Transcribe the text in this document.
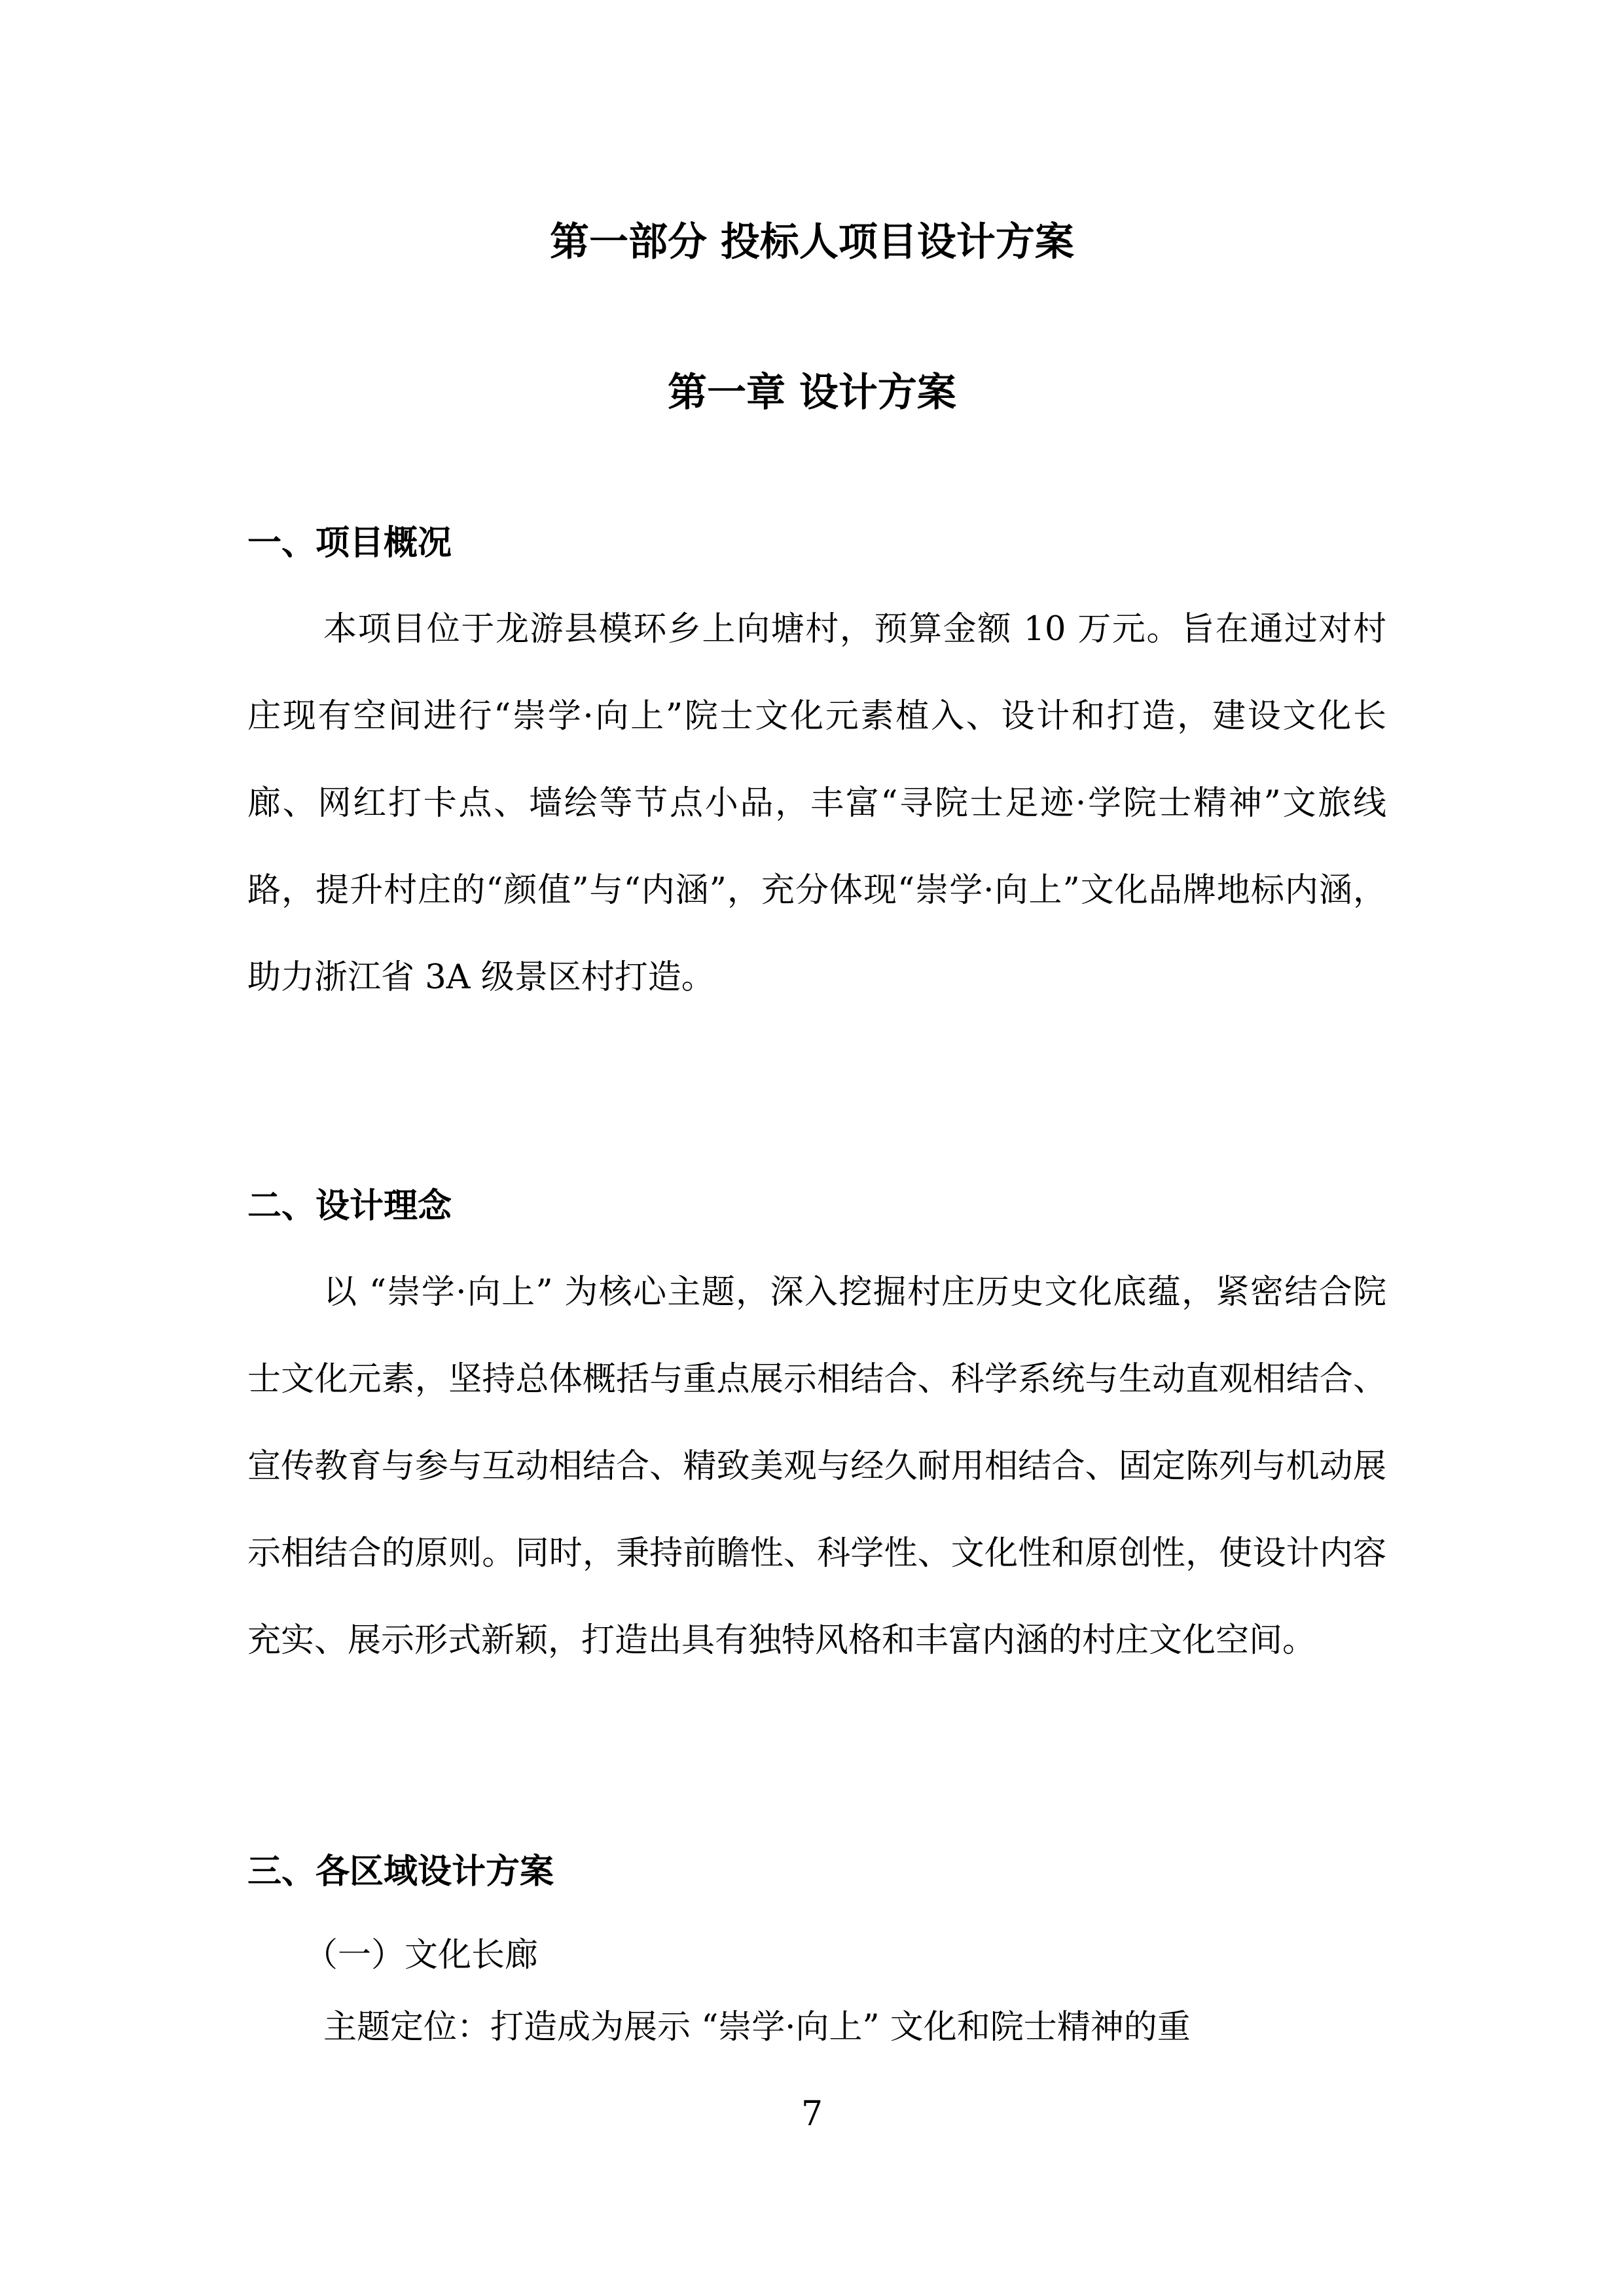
第一部分 投标人项目设计方案
第一章 设计方案
一、项目概况

本项目位于龙游县模环乡上向塘村，预算金额 10 万元。旨在通过对村庄现有空间进行“崇学·向上”院士文化元素植入、设计和打造，建设文化长廊、网红打卡点、墙绘等节点小品，丰富“寻院士足迹·学院士精神”文旅线路，提升村庄的“颜值”与“内涵”，充分体现“崇学·向上”文化品牌地标内涵，助力浙江省 3A 级景区村打造。

二、设计理念

以 “崇学·向上” 为核心主题，深入挖掘村庄历史文化底蕴，紧密结合院士文化元素，坚持总体概括与重点展示相结合、科学系统与生动直观相结合、宣传教育与参与互动相结合、精致美观与经久耐用相结合、固定陈列与机动展示相结合的原则。同时，秉持前瞻性、科学性、文化性和原创性，使设计内容充实、展示形式新颖，打造出具有独特风格和丰富内涵的村庄文化空间。

三、各区域设计方案

（一）文化长廊

主题定位：打造成为展示 “崇学·向上” 文化和院士精神的重

7
